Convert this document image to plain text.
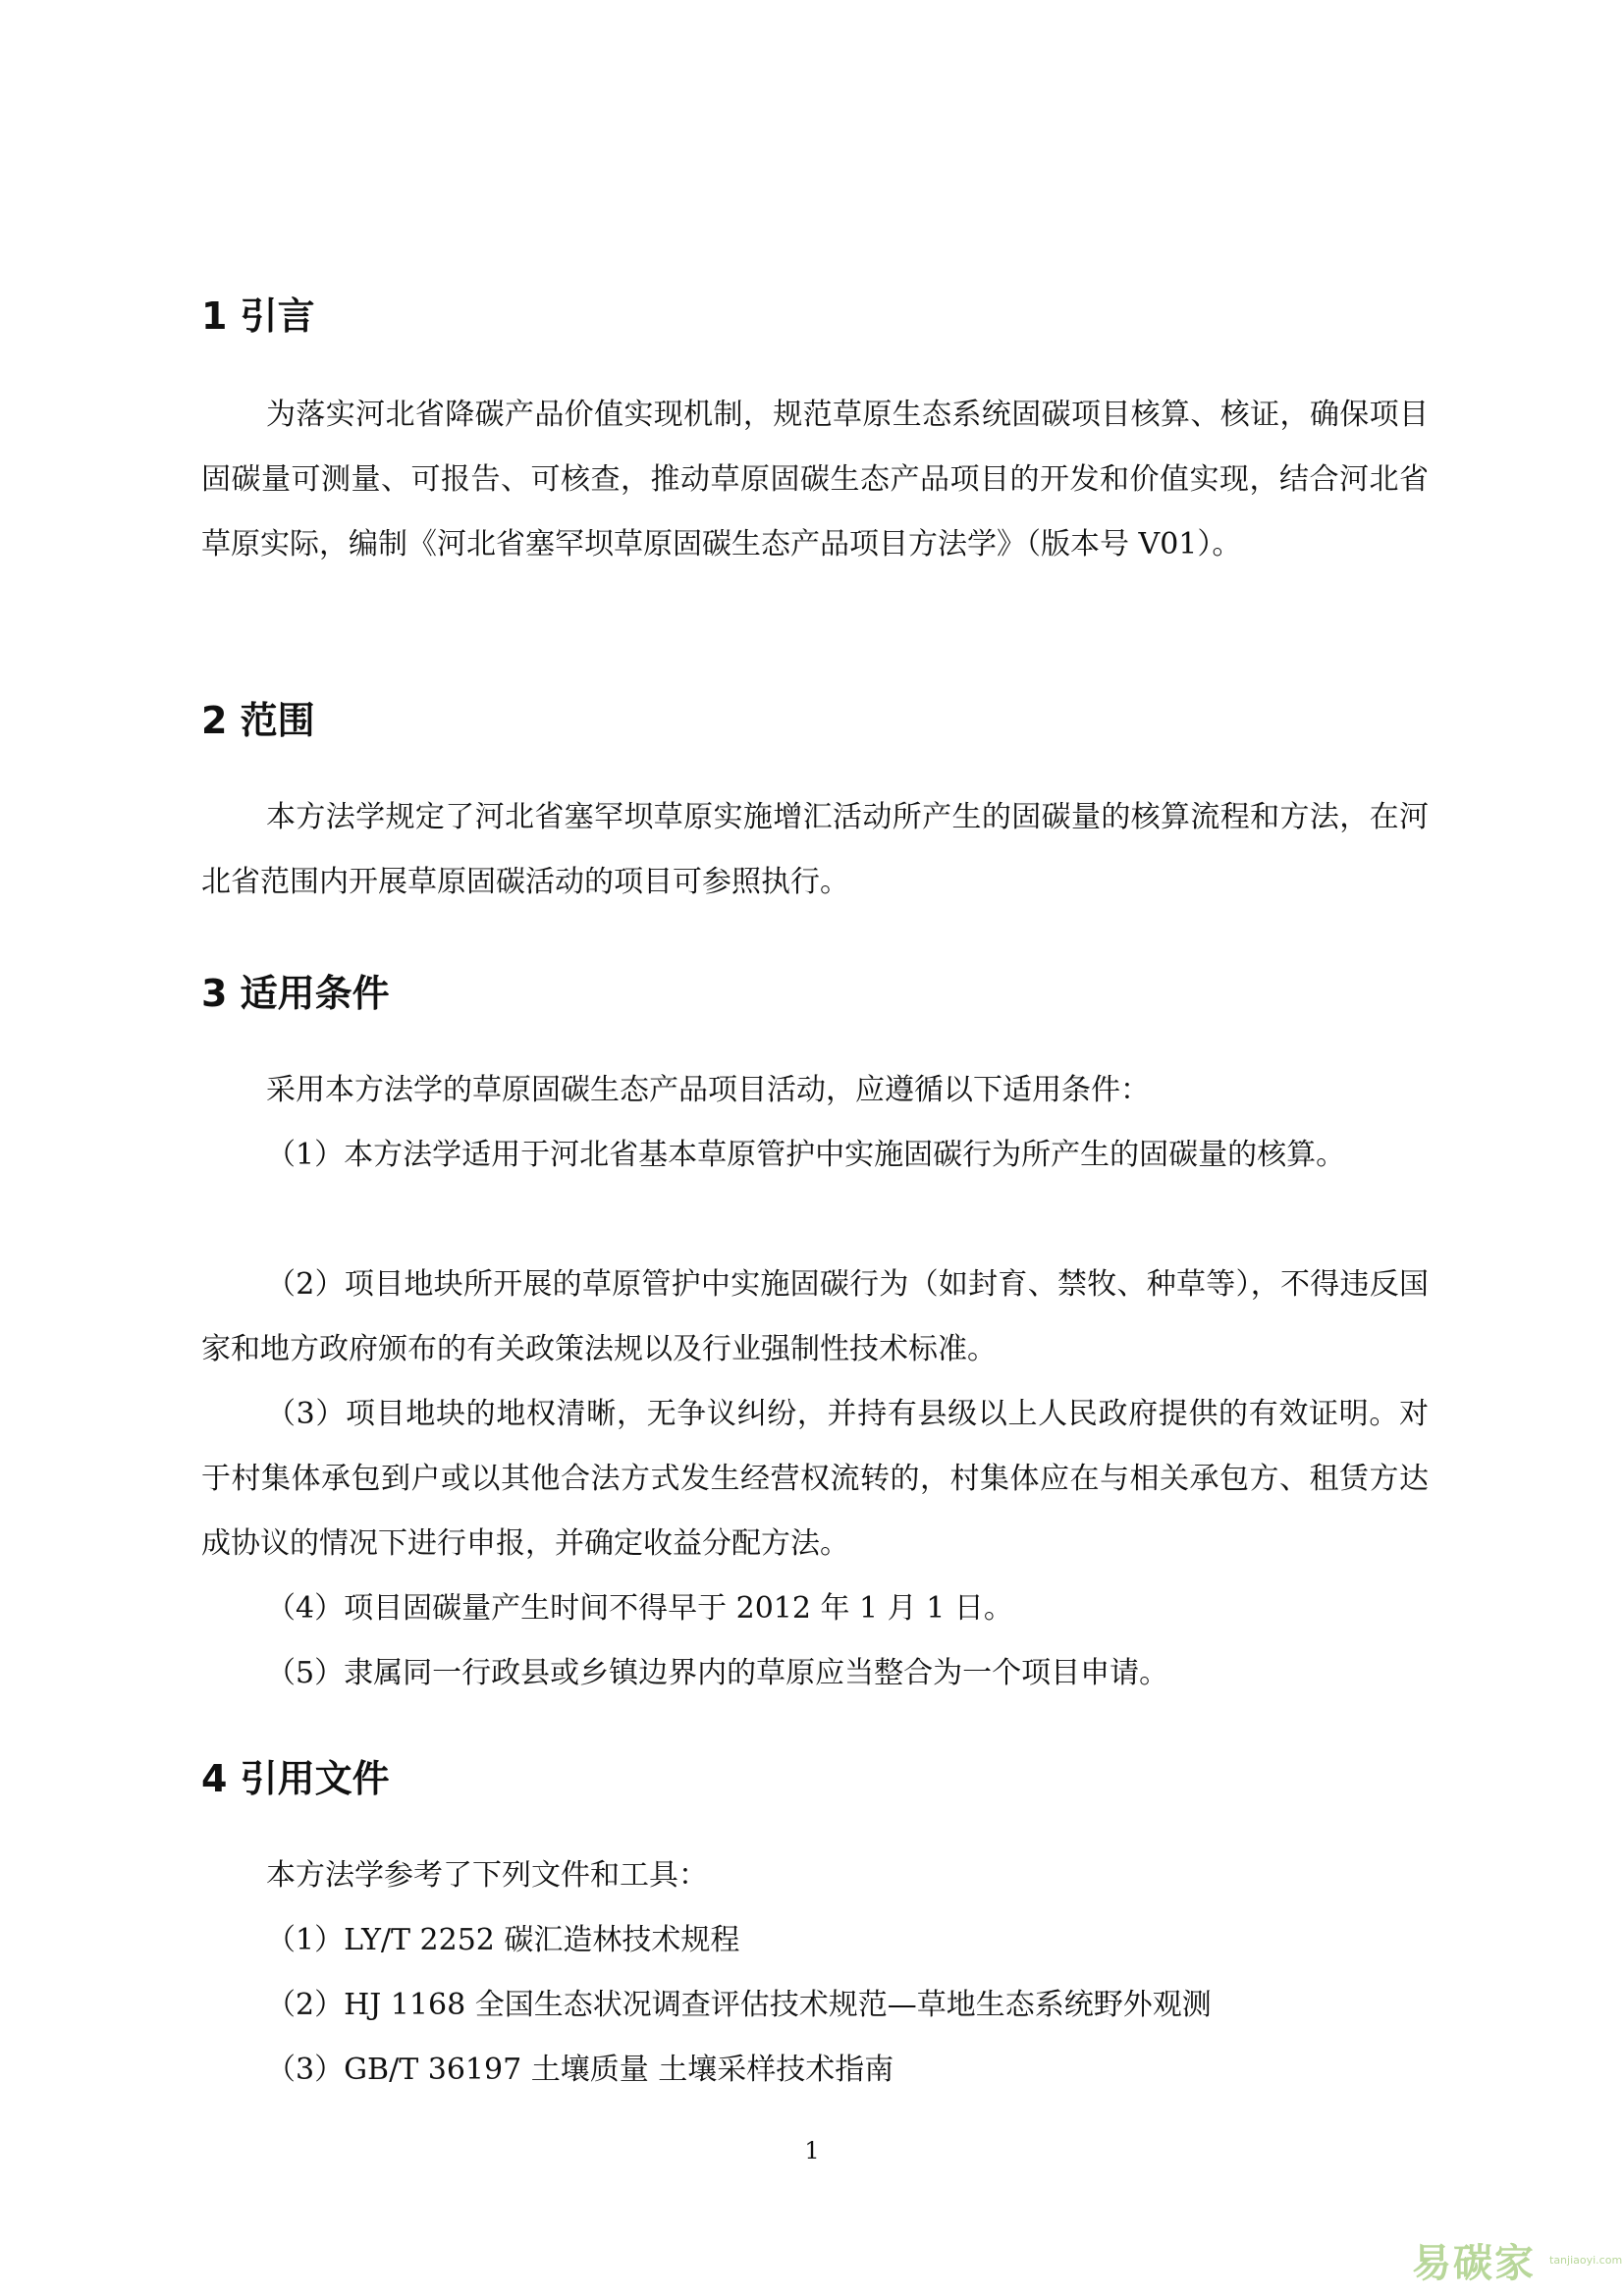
1 引言

为落实河北省降碳产品价值实现机制，规范草原生态系统固碳项目核算、核证，确保项目固碳量可测量、可报告、可核查，推动草原固碳生态产品项目的开发和价值实现，结合河北省草原实际，编制《河北省塞罕坝草原固碳生态产品项目方法学》（版本号 V01）。

2 范围

本方法学规定了河北省塞罕坝草原实施增汇活动所产生的固碳量的核算流程和方法，在河北省范围内开展草原固碳活动的项目可参照执行。

3 适用条件

采用本方法学的草原固碳生态产品项目活动，应遵循以下适用条件：

（1）本方法学适用于河北省基本草原管护中实施固碳行为所产生的固碳量的核算。

（2）项目地块所开展的草原管护中实施固碳行为（如封育、禁牧、种草等），不得违反国家和地方政府颁布的有关政策法规以及行业强制性技术标准。

（3）项目地块的地权清晰，无争议纠纷，并持有县级以上人民政府提供的有效证明。对于村集体承包到户或以其他合法方式发生经营权流转的，村集体应在与相关承包方、租赁方达成协议的情况下进行申报，并确定收益分配方法。

（4）项目固碳量产生时间不得早于 2012 年 1 月 1 日。

（5）隶属同一行政县或乡镇边界内的草原应当整合为一个项目申请。

4 引用文件

本方法学参考了下列文件和工具：

（1）LY/T 2252 碳汇造林技术规程

（2）HJ 1168 全国生态状况调查评估技术规范—草地生态系统野外观测

（3）GB/T 36197 土壤质量 土壤采样技术指南

1
易碳家 tanjiaoyi.com
